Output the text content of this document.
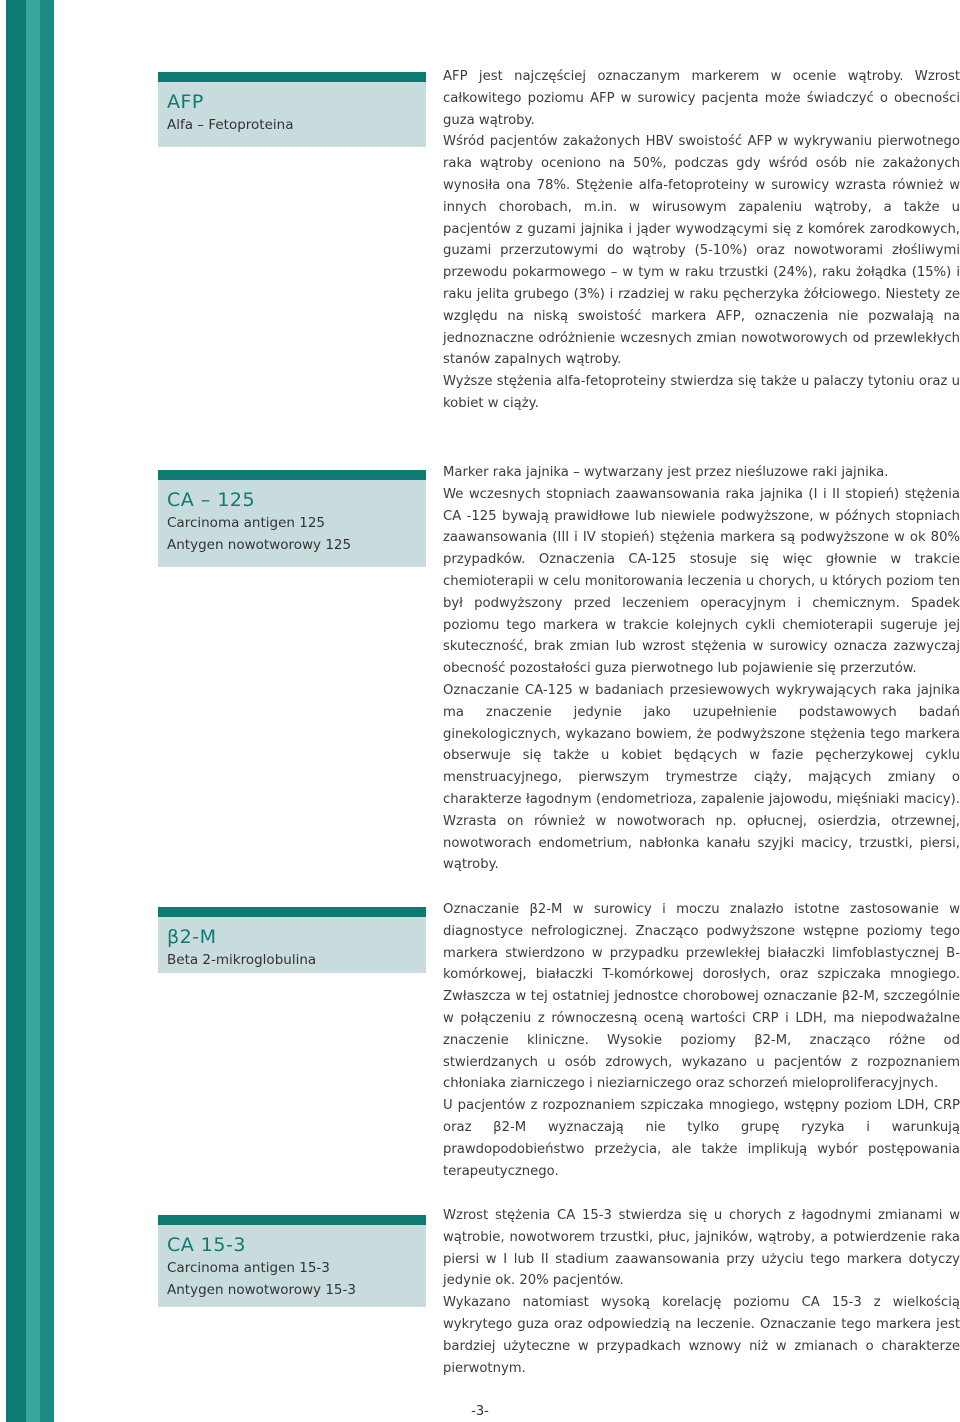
AFP
Alfa – Fetoproteina

AFP jest najczęściej oznaczanym markerem w ocenie wątroby. Wzrost całkowitego poziomu AFP w surowicy pacjenta może świadczyć o obecności guza wątroby.

Wśród pacjentów zakażonych HBV swoistość AFP w wykrywaniu pierwotnego raka wątroby oceniono na 50%, podczas gdy wśród osób nie zakażonych wynosiła ona 78%. Stężenie alfa-fetoproteiny w surowicy wzrasta również w innych chorobach, m.in. w wirusowym zapaleniu wątroby, a także u pacjentów z guzami jajnika i jąder wywodzącymi się z komórek zarodkowych, guzami przerzutowymi do wątroby (5-10%) oraz nowotworami złośliwymi przewodu pokarmowego – w tym w raku trzustki (24%), raku żołądka (15%) i raku jelita grubego (3%) i rzadziej w raku pęcherzyka żółciowego. Niestety ze względu na niską swoistość markera AFP, oznaczenia nie pozwalają na jednoznaczne odróżnienie wczesnych zmian nowotworowych od przewlekłych stanów zapalnych wątroby.

Wyższe stężenia alfa-fetoproteiny stwierdza się także u palaczy tytoniu oraz u kobiet w ciąży.

CA – 125
Carcinoma antigen 125
Antygen nowotworowy 125

Marker raka jajnika – wytwarzany jest przez nieśluzowe raki jajnika.

We wczesnych stopniach zaawansowania raka jajnika (I i II stopień) stężenia CA -125 bywają prawidłowe lub niewiele podwyższone, w późnych stopniach zaawansowania (III i IV stopień) stężenia markera są podwyższone w ok 80% przypadków. Oznaczenia CA-125 stosuje się więc głownie w trakcie chemioterapii w celu monitorowania leczenia u chorych, u których poziom ten był podwyższony przed leczeniem operacyjnym i chemicznym. Spadek poziomu tego markera w trakcie kolejnych cykli chemioterapii sugeruje jej skuteczność, brak zmian lub wzrost stężenia w surowicy oznacza zazwyczaj obecność pozostałości guza pierwotnego lub pojawienie się przerzutów.

Oznaczanie CA-125 w badaniach przesiewowych wykrywających raka jajnika ma znaczenie jedynie jako uzupełnienie podstawowych badań ginekologicznych, wykazano bowiem, że podwyższone stężenia tego markera obserwuje się także u kobiet będących w fazie pęcherzykowej cyklu menstruacyjnego, pierwszym trymestrze ciąży, mających zmiany o charakterze łagodnym (endometrioza, zapalenie jajowodu, mięśniaki macicy). Wzrasta on również w nowotworach np. opłucnej, osierdzia, otrzewnej, nowotworach endometrium, nabłonka kanału szyjki macicy, trzustki, piersi, wątroby.

β2-M
Beta 2-mikroglobulina

Oznaczanie β2-M w surowicy i moczu znalazło istotne zastosowanie w diagnostyce nefrologicznej. Znacząco podwyższone wstępne poziomy tego markera stwierdzono w przypadku przewlekłej białaczki limfoblastycznej B-komórkowej, białaczki T-komórkowej dorosłych, oraz szpiczaka mnogiego. Zwłaszcza w tej ostatniej jednostce chorobowej oznaczanie β2-M, szczególnie w połączeniu z równoczesną oceną wartości CRP i LDH, ma niepodważalne znaczenie kliniczne. Wysokie poziomy β2-M, znacząco różne od stwierdzanych u osób zdrowych, wykazano u pacjentów z rozpoznaniem chłoniaka ziarniczego i nieziarniczego oraz schorzeń mieloproliferacyjnych.

U pacjentów z rozpoznaniem szpiczaka mnogiego, wstępny poziom LDH, CRP oraz β2-M wyznaczają nie tylko grupę ryzyka i warunkują prawdopodobieństwo przeżycia, ale także implikują wybór postępowania terapeutycznego.

CA 15-3
Carcinoma antigen 15-3
Antygen nowotworowy 15-3

Wzrost stężenia CA 15-3 stwierdza się u chorych z łagodnymi zmianami w wątrobie, nowotworem trzustki, płuc, jajników, wątroby, a potwierdzenie raka piersi w I lub II stadium zaawansowania przy użyciu tego markera dotyczy jedynie ok. 20% pacjentów.

Wykazano natomiast wysoką korelację poziomu CA 15-3 z wielkością wykrytego guza oraz odpowiedzią na leczenie. Oznaczanie tego markera jest bardziej użyteczne w przypadkach wznowy niż w zmianach o charakterze pierwotnym.

-3-
